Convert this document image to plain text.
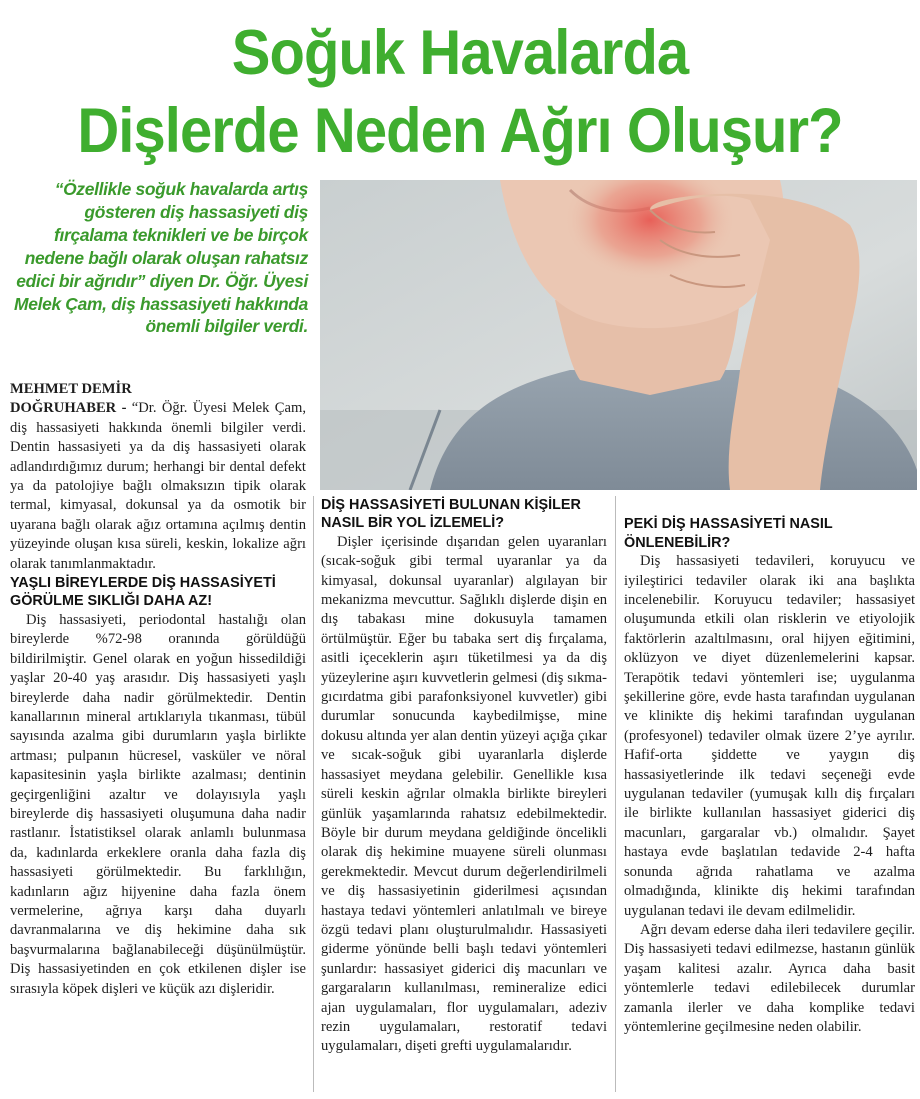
Soğuk Havalarda
Dişlerde Neden Ağrı Oluşur?

“Özellikle soğuk havalarda artış gösteren diş hassasiyeti diş fırçalama teknikleri ve be birçok nedene bağlı olarak oluşan rahatsız edici bir ağrıdır” diyen Dr. Öğr. Üyesi Melek Çam, diş hassasiyeti hakkında önemli bilgiler verdi.

MEHMET DEMİR

DOĞRUHABER - “Dr. Öğr. Üyesi Melek Çam, diş hassasiyeti hakkında önemli bilgiler verdi. Dentin hassasiyeti ya da diş hassasiyeti olarak adlandırdığımız durum; herhangi bir dental defekt ya da patolojiye bağlı olmaksızın tipik olarak termal, kimyasal, dokunsal ya da osmotik bir uyarana bağlı olarak ağız ortamına açılmış dentin yüzeyinde oluşan kısa süreli, keskin, lokalize ağrı olarak tanımlanmaktadır.

YAŞLI BİREYLERDE DİŞ HASSASİYETİ GÖRÜLME SIKLIĞI DAHA AZ!

Diş hassasiyeti, periodontal hastalığı olan bireylerde %72-98 oranında görüldüğü bildirilmiştir. Genel olarak en yoğun hissedildiği yaşlar 20-40 yaş arasıdır. Diş hassasiyeti yaşlı bireylerde daha nadir görülmektedir. Dentin kanallarının mineral artıklarıyla tıkanması, tübül sayısında azalma gibi durumların yaşla birlikte artması; pulpanın hücresel, vasküler ve nöral kapasitesinin yaşla birlikte azalması; dentinin geçirgenliğini azaltır ve dolayısıyla yaşlı bireylerde diş hassasiyeti oluşumuna daha nadir rastlanır. İstatistiksel olarak anlamlı bulunmasa da, kadınlarda erkeklere oranla daha fazla diş hassasiyeti görülmektedir. Bu farklılığın, kadınların ağız hijyenine daha fazla önem vermelerine, ağrıya karşı daha duyarlı davranmalarına ve diş hekimine daha sık başvurmalarına bağlanabileceği düşünülmüştür. Diş hassasiyetinden en çok etkilenen dişler ise sırasıyla köpek dişleri ve küçük azı dişleridir.

DİŞ HASSASİYETİ BULUNAN KİŞİLER NASIL BİR YOL İZLEMELİ?

Dişler içerisinde dışarıdan gelen uyaranları (sıcak-soğuk gibi termal uyaranlar ya da kimyasal, dokunsal uyaranlar) algılayan bir mekanizma mevcuttur. Sağlıklı dişlerde dişin en dış tabakası mine dokusuyla tamamen örtülmüştür. Eğer bu tabaka sert diş fırçalama, asitli içeceklerin aşırı tüketilmesi ya da diş yüzeylerine aşırı kuvvetlerin gelmesi (diş sıkma-gıcırdatma gibi parafonksiyonel kuvvetler) gibi durumlar sonucunda kaybedilmişse, mine dokusu altında yer alan dentin yüzeyi açığa çıkar ve sıcak-soğuk gibi uyaranlarla dişlerde hassasiyet meydana gelebilir. Genellikle kısa süreli keskin ağrılar olmakla birlikte bireyleri günlük yaşamlarında rahatsız edebilmektedir. Böyle bir durum meydana geldiğinde öncelikli olarak diş hekimine muayene süreli olunması gerekmektedir. Mevcut durum değerlendirilmeli ve diş hassasiyetinin giderilmesi açısından hastaya tedavi yöntemleri anlatılmalı ve bireye özgü tedavi planı oluşturulmalıdır. Hassasiyeti giderme yönünde belli başlı tedavi yöntemleri şunlardır: hassasiyet giderici diş macunları ve gargaraların kullanılması, remineralize edici ajan uygulamaları, flor uygulamaları, adeziv rezin uygulamaları, restoratif tedavi uygulamaları, dişeti grefti uygulamalarıdır.

PEKİ DİŞ HASSASİYETİ NASIL ÖNLENEBİLİR?

Diş hassasiyeti tedavileri, koruyucu ve iyileştirici tedaviler olarak iki ana başlıkta incelenebilir. Koruyucu tedaviler; hassasiyet oluşumunda etkili olan risklerin ve etiyolojik faktörlerin azaltılmasını, oral hijyen eğitimini, oklüzyon ve diyet düzenlemelerini kapsar. Terapötik tedavi yöntemleri ise; uygulanma şekillerine göre, evde hasta tarafından uygulanan ve klinikte diş hekimi tarafından uygulanan (profesyonel) tedaviler olmak üzere 2’ye ayrılır. Hafif-orta şiddette ve yaygın diş hassasiyetlerinde ilk tedavi seçeneği evde uygulanan tedaviler (yumuşak kıllı diş fırçaları ile birlikte kullanılan hassasiyet giderici diş macunları, gargaralar vb.) olmalıdır. Şayet hastaya evde başlatılan tedavide 2-4 hafta sonunda ağrıda rahatlama ve azalma olmadığında, klinikte diş hekimi tarafından uygulanan tedavi ile devam edilmelidir.

Ağrı devam ederse daha ileri tedavilere geçilir. Diş hassasiyeti tedavi edilmezse, hastanın günlük yaşam kalitesi azalır. Ayrıca daha basit yöntemlerle tedavi edilebilecek durumlar zamanla ilerler ve daha komplike tedavi yöntemlerine geçilmesine neden olabilir.
